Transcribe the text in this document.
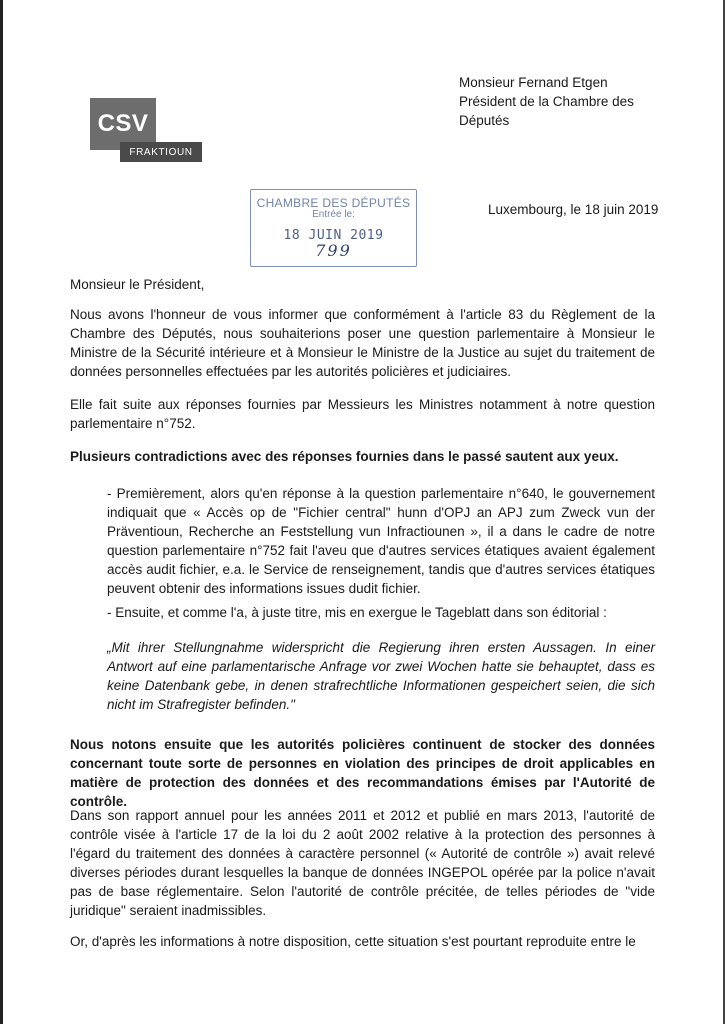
CSV
FRAKTIOUN
Monsieur Fernand Etgen
Président de la Chambre des
Députés
CHAMBRE DES DÉPUTÉS
Entrée le:
18 JUIN 2019
799
Luxembourg, le 18 juin 2019

Monsieur le Président,

Nous avons l'honneur de vous informer que conformément à l'article 83 du Règlement de la Chambre des Députés, nous souhaiterions poser une question parlementaire à Monsieur le Ministre de la Sécurité intérieure et à Monsieur le Ministre de la Justice au sujet du traitement de données personnelles effectuées par les autorités policières et judiciaires.

Elle fait suite aux réponses fournies par Messieurs les Ministres notamment à notre question parlementaire n°752.

Plusieurs contradictions avec des réponses fournies dans le passé sautent aux yeux.

- Premièrement, alors qu'en réponse à la question parlementaire n°640, le gouvernement indiquait que « Accès op de "Fichier central" hunn d'OPJ an APJ zum Zweck vun der Präventioun, Recherche an Feststellung vun Infractiounen », il a dans le cadre de notre question parlementaire n°752 fait l'aveu que d'autres services étatiques avaient également accès audit fichier, e.a. le Service de renseignement, tandis que d'autres services étatiques peuvent obtenir des informations issues dudit fichier.

- Ensuite, et comme l'a, à juste titre, mis en exergue le Tageblatt dans son éditorial :

„Mit ihrer Stellungnahme widerspricht die Regierung ihren ersten Aussagen. In einer Antwort auf eine parlamentarische Anfrage vor zwei Wochen hatte sie behauptet, dass es keine Datenbank gebe, in denen strafrechtliche Informationen gespeichert seien, die sich nicht im Strafregister befinden."

Nous notons ensuite que les autorités policières continuent de stocker des données concernant toute sorte de personnes en violation des principes de droit applicables en matière de protection des données et des recommandations émises par l'Autorité de contrôle.

Dans son rapport annuel pour les années 2011 et 2012 et publié en mars 2013, l'autorité de contrôle visée à l'article 17 de la loi du 2 août 2002 relative à la protection des personnes à l'égard du traitement des données à caractère personnel (« Autorité de contrôle ») avait relevé diverses périodes durant lesquelles la banque de données INGEPOL opérée par la police n'avait pas de base réglementaire. Selon l'autorité de contrôle précitée, de telles périodes de "vide juridique" seraient inadmissibles.

Or, d'après les informations à notre disposition, cette situation s'est pourtant reproduite entre le
